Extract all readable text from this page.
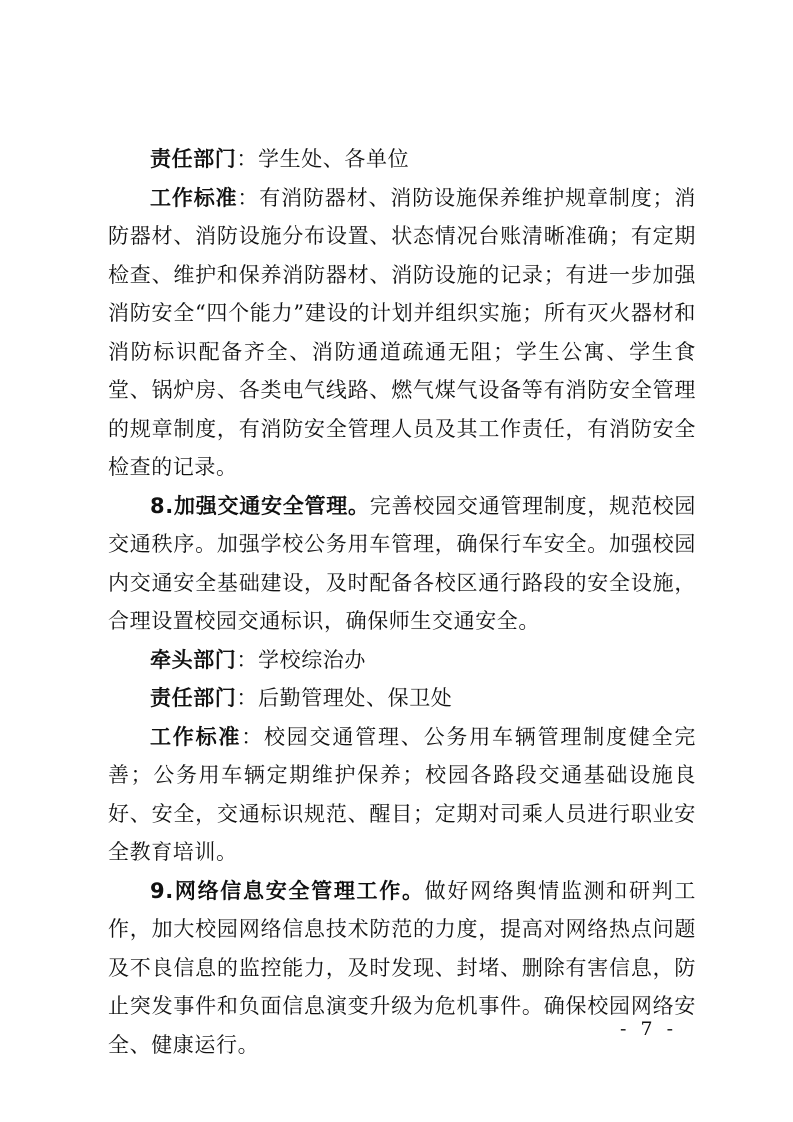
责任部门：学生处、各单位

工作标准：有消防器材、消防设施保养维护规章制度；消防器材、消防设施分布设置、状态情况台账清晰准确；有定期检查、维护和保养消防器材、消防设施的记录；有进一步加强消防安全“四个能力”建设的计划并组织实施；所有灭火器材和消防标识配备齐全、消防通道疏通无阻；学生公寓、学生食堂、锅炉房、各类电气线路、燃气煤气设备等有消防安全管理的规章制度，有消防安全管理人员及其工作责任，有消防安全检查的记录。

8.加强交通安全管理。完善校园交通管理制度，规范校园交通秩序。加强学校公务用车管理，确保行车安全。加强校园内交通安全基础建设，及时配备各校区通行路段的安全设施，合理设置校园交通标识，确保师生交通安全。

牵头部门：学校综治办

责任部门：后勤管理处、保卫处

工作标准：校园交通管理、公务用车辆管理制度健全完善；公务用车辆定期维护保养；校园各路段交通基础设施良好、安全，交通标识规范、醒目；定期对司乘人员进行职业安全教育培训。

9.网络信息安全管理工作。做好网络舆情监测和研判工作，加大校园网络信息技术防范的力度，提高对网络热点问题及不良信息的监控能力，及时发现、封堵、删除有害信息，防止突发事件和负面信息演变升级为危机事件。确保校园网络安全、健康运行。

- 7 -
